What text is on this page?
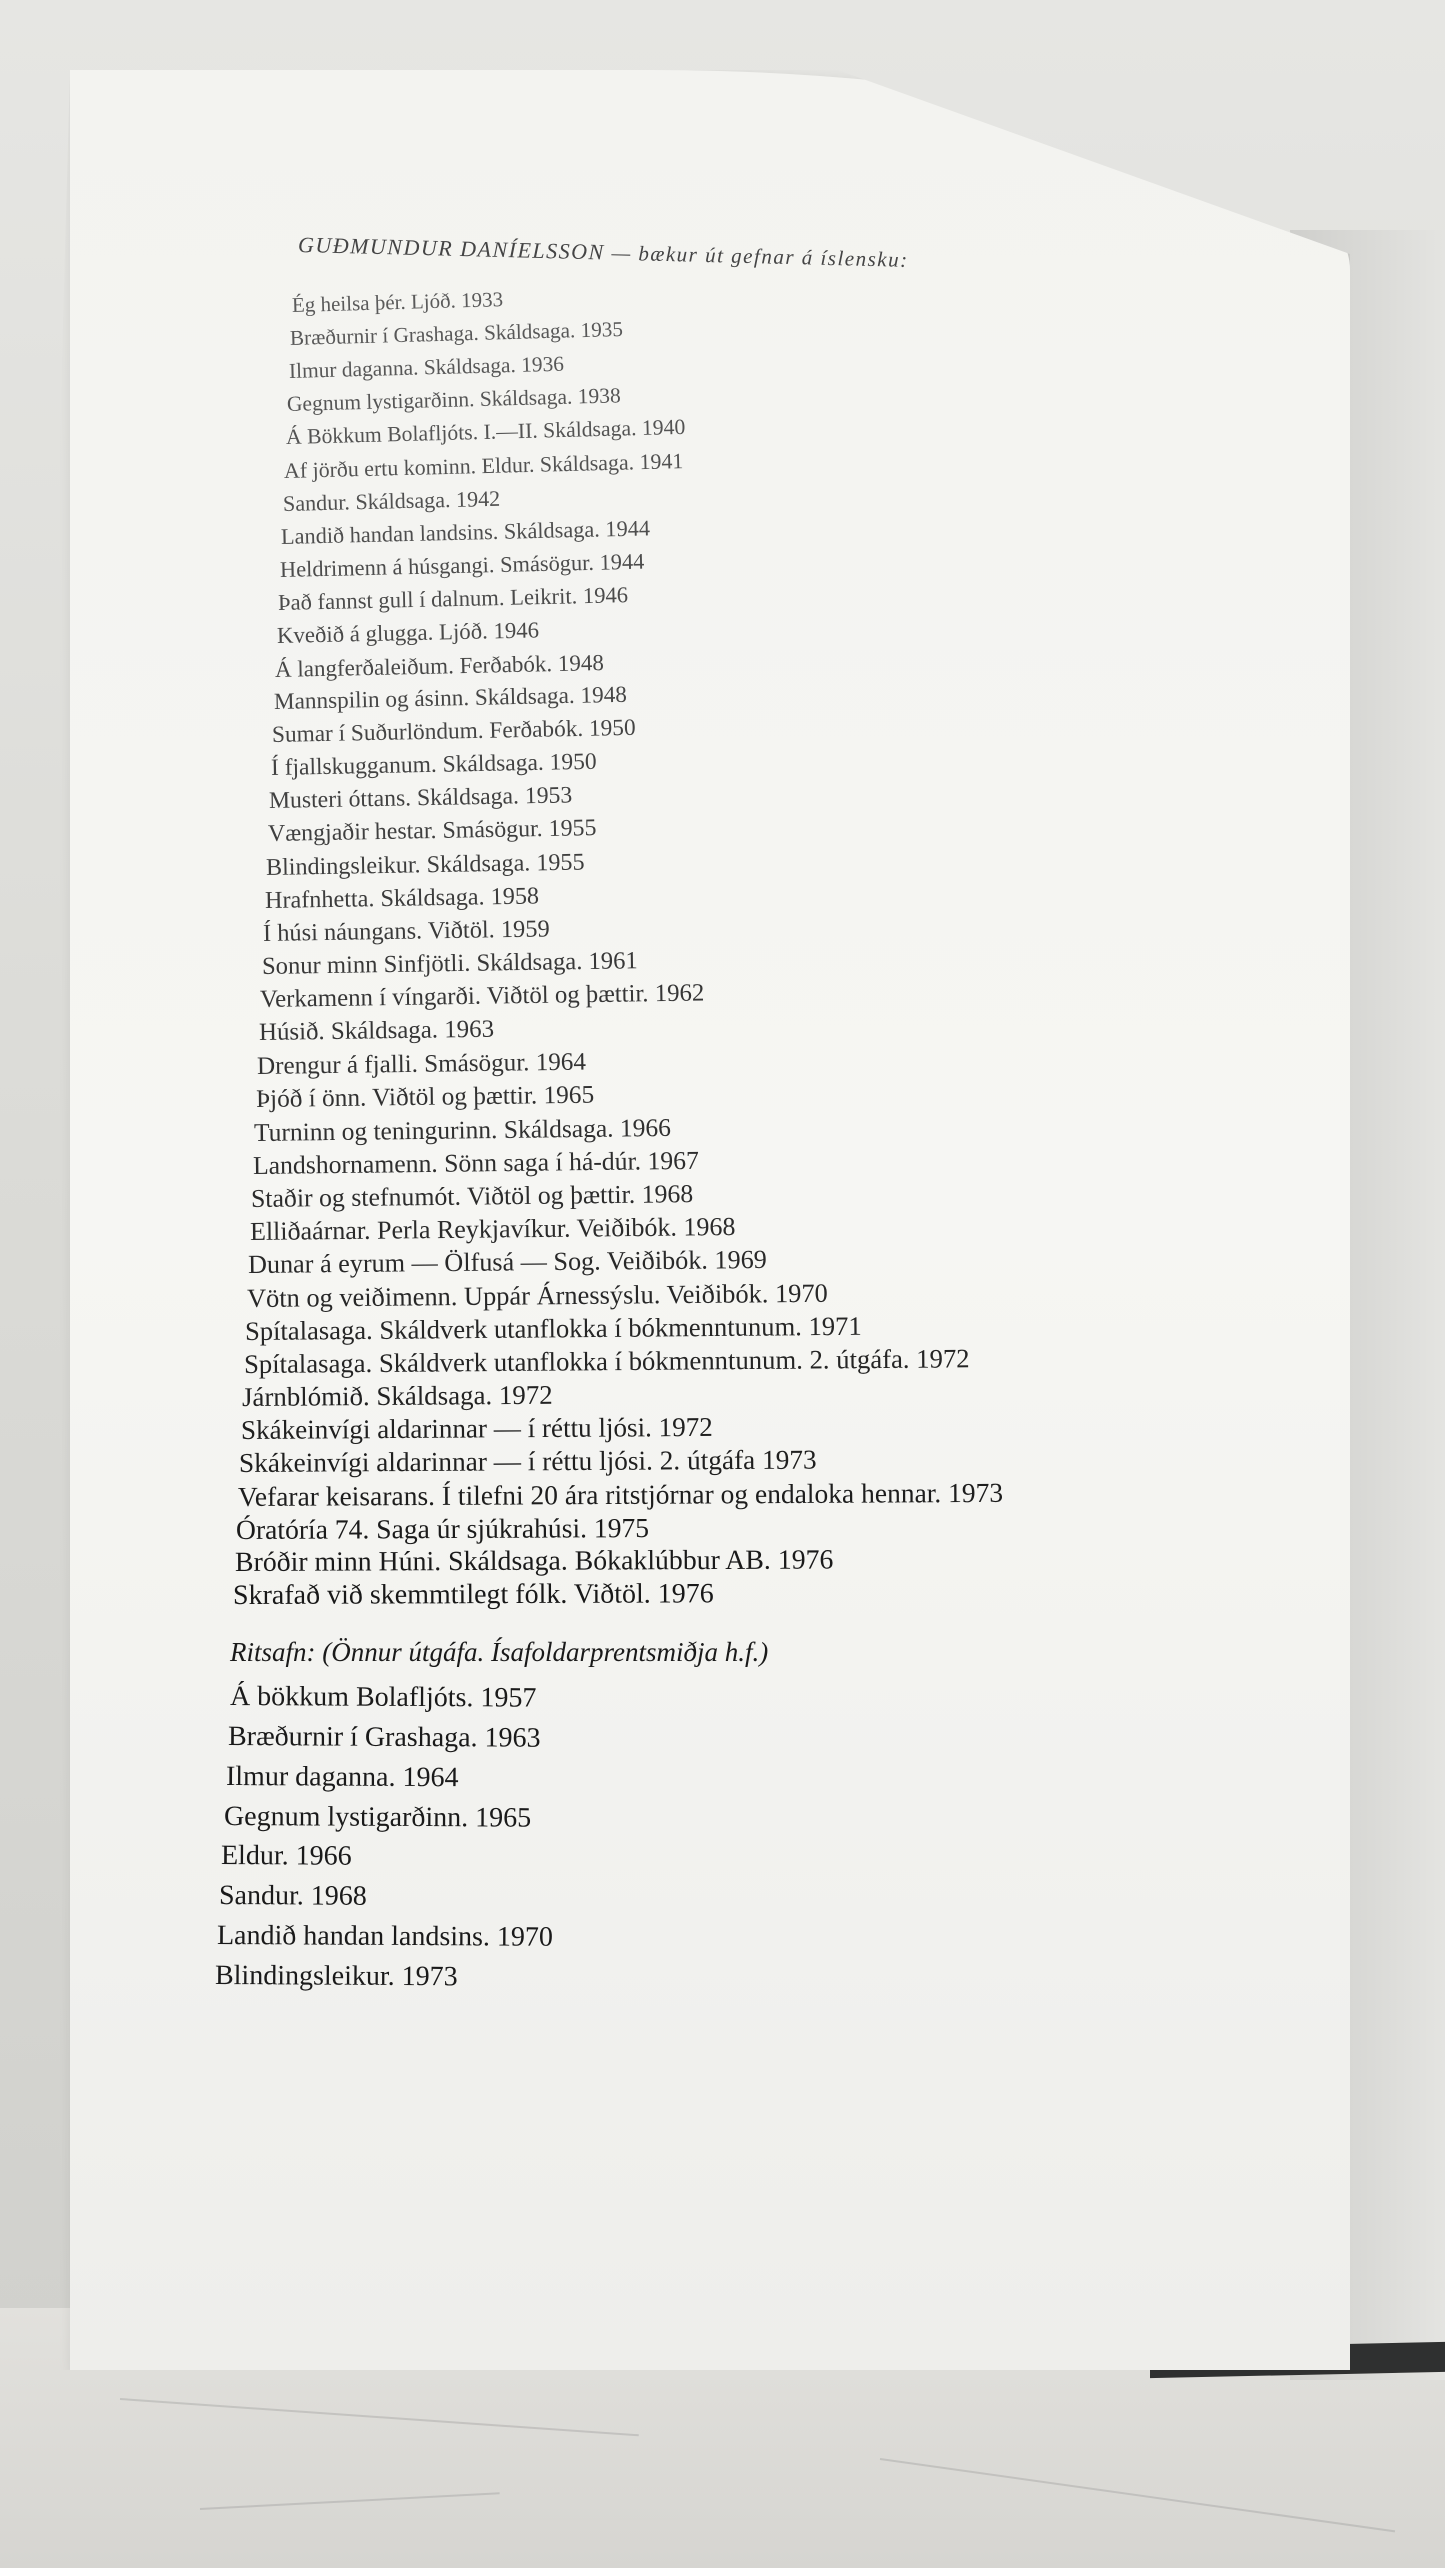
GUÐMUNDUR DANÍELSSON — bækur út gefnar á íslensku:
Ég heilsa þér. Ljóð. 1933
Bræðurnir í Grashaga. Skáldsaga. 1935
Ilmur daganna. Skáldsaga. 1936
Gegnum lystigarðinn. Skáldsaga. 1938
Á Bökkum Bolafljóts. I.—II. Skáldsaga. 1940
Af jörðu ertu kominn. Eldur. Skáldsaga. 1941
Sandur. Skáldsaga. 1942
Landið handan landsins. Skáldsaga. 1944
Heldrimenn á húsgangi. Smásögur. 1944
Það fannst gull í dalnum. Leikrit. 1946
Kveðið á glugga. Ljóð. 1946
Á langferðaleiðum. Ferðabók. 1948
Mannspilin og ásinn. Skáldsaga. 1948
Sumar í Suðurlöndum. Ferðabók. 1950
Í fjallskugganum. Skáldsaga. 1950
Musteri óttans. Skáldsaga. 1953
Vængjaðir hestar. Smásögur. 1955
Blindingsleikur. Skáldsaga. 1955
Hrafnhetta. Skáldsaga. 1958
Í húsi náungans. Viðtöl. 1959
Sonur minn Sinfjötli. Skáldsaga. 1961
Verkamenn í víngarði. Viðtöl og þættir. 1962
Húsið. Skáldsaga. 1963
Drengur á fjalli. Smásögur. 1964
Þjóð í önn. Viðtöl og þættir. 1965
Turninn og teningurinn. Skáldsaga. 1966
Landshornamenn. Sönn saga í há-dúr. 1967
Staðir og stefnumót. Viðtöl og þættir. 1968
Elliðaárnar. Perla Reykjavíkur. Veiðibók. 1968
Dunar á eyrum — Ölfusá — Sog. Veiðibók. 1969
Vötn og veiðimenn. Uppár Árnessýslu. Veiðibók. 1970
Spítalasaga. Skáldverk utanflokka í bókmenntunum. 1971
Spítalasaga. Skáldverk utanflokka í bókmenntunum. 2. útgáfa. 1972
Járnblómið. Skáldsaga. 1972
Skákeinvígi aldarinnar — í réttu ljósi. 1972
Skákeinvígi aldarinnar — í réttu ljósi. 2. útgáfa 1973
Vefarar keisarans. Í tilefni 20 ára ritstjórnar og endaloka hennar. 1973
Óratóría 74. Saga úr sjúkrahúsi. 1975
Bróðir minn Húni. Skáldsaga. Bókaklúbbur AB. 1976
Skrafað við skemmtilegt fólk. Viðtöl. 1976
Ritsafn: (Önnur útgáfa. Ísafoldarprentsmiðja h.f.)
Á bökkum Bolafljóts. 1957
Bræðurnir í Grashaga. 1963
Ilmur daganna. 1964
Gegnum lystigarðinn. 1965
Eldur. 1966
Sandur. 1968
Landið handan landsins. 1970
Blindingsleikur. 1973
